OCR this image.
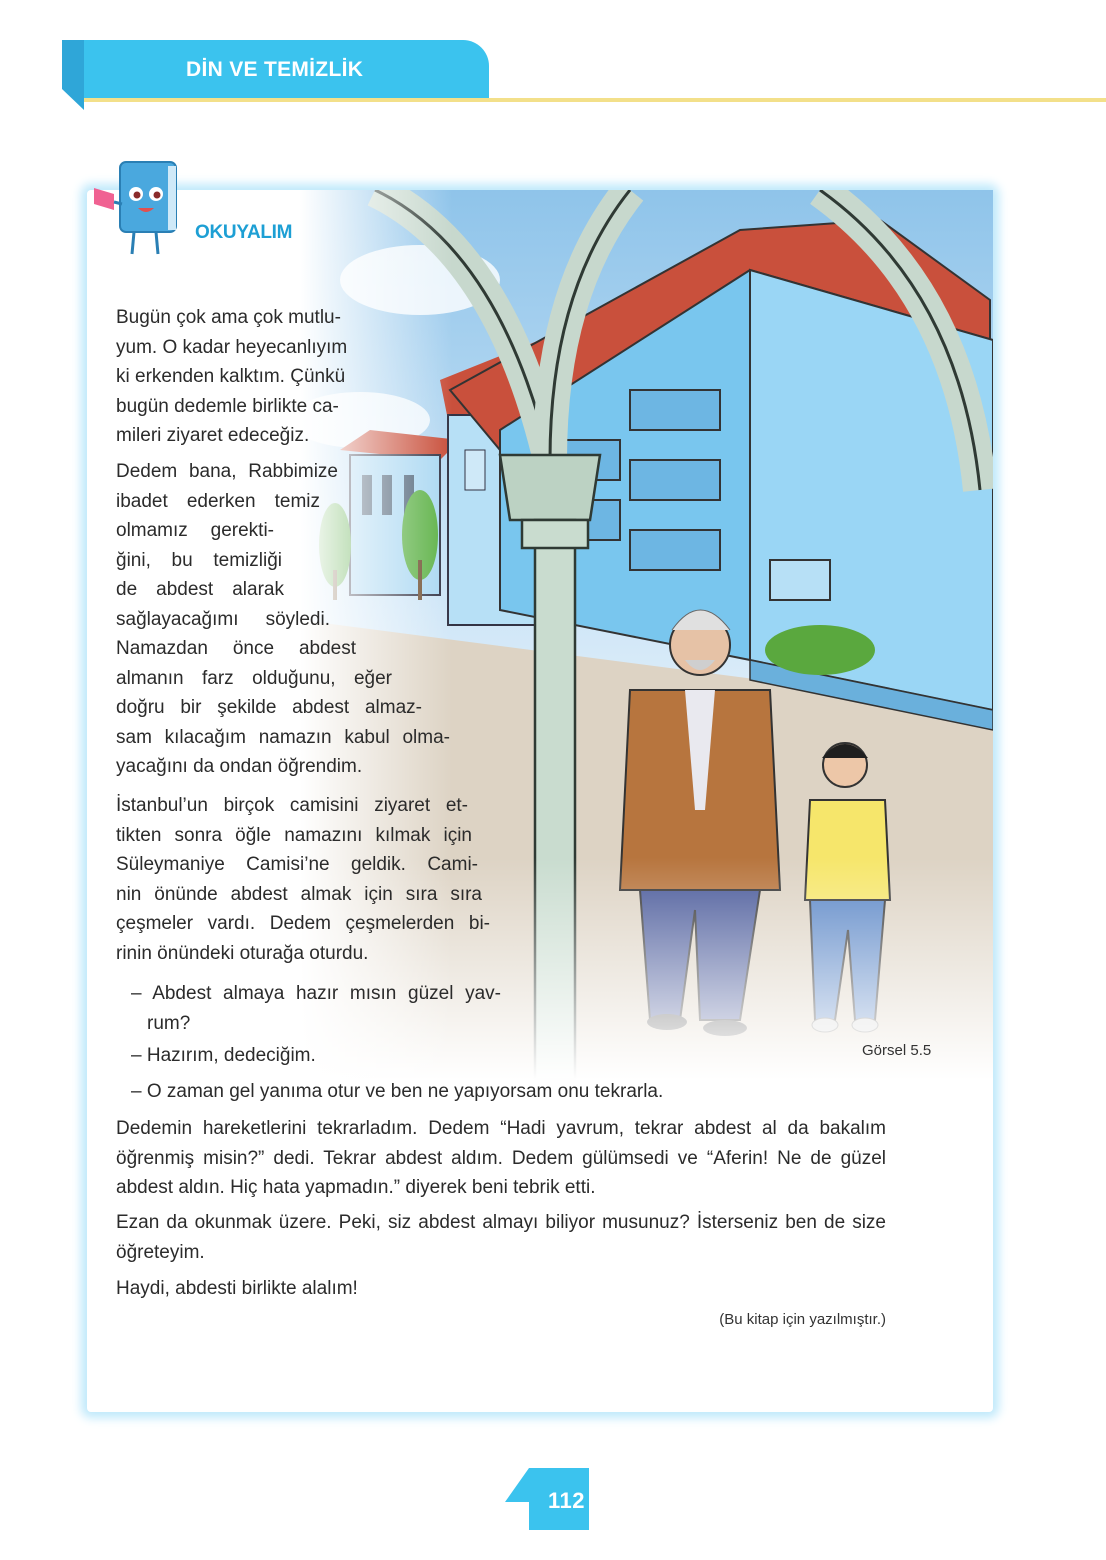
DİN VE TEMİZLİK
OKUYALIM
Bugün çok ama çok mutlu-
yum. O kadar heyecanlıyım
ki erkenden kalktım. Çünkü
bugün dedemle birlikte ca-
mileri ziyaret edeceğiz.
Dedem bana, Rabbimize
ibadet ederken temiz
olmamız gerekti-
ğini, bu temizliği
de abdest alarak
sağlayacağımı söyledi.
Namazdan önce abdest
almanın farz olduğunu, eğer
doğru bir şekilde abdest almaz-
sam kılacağım namazın kabul olma-
yacağını da ondan öğrendim.
İstanbul’un birçok camisini ziyaret et-
tikten sonra öğle namazını kılmak için
Süleymaniye Camisi’ne geldik. Cami-
nin önünde abdest almak için sıra sıra
çeşmeler vardı. Dedem çeşmelerden bi-
rinin önündeki oturağa oturdu.
– Abdest almaya hazır mısın güzel yav-
rum?
– Hazırım, dedeciğim.
– O zaman gel yanıma otur ve ben ne yapıyorsam onu tekrarla.
Dedemin hareketlerini tekrarladım. Dedem “Hadi yavrum, tekrar abdest al da bakalım öğrenmiş misin?” dedi. Tekrar abdest aldım. Dedem gülümsedi ve “Aferin! Ne de güzel abdest aldın. Hiç hata yapmadın.” diyerek beni tebrik etti.
Ezan da okunmak üzere. Peki, siz abdest almayı biliyor musunuz? İsterseniz ben de size öğreteyim.
Haydi, abdesti birlikte alalım!
(Bu kitap için yazılmıştır.)
Görsel 5.5
112
